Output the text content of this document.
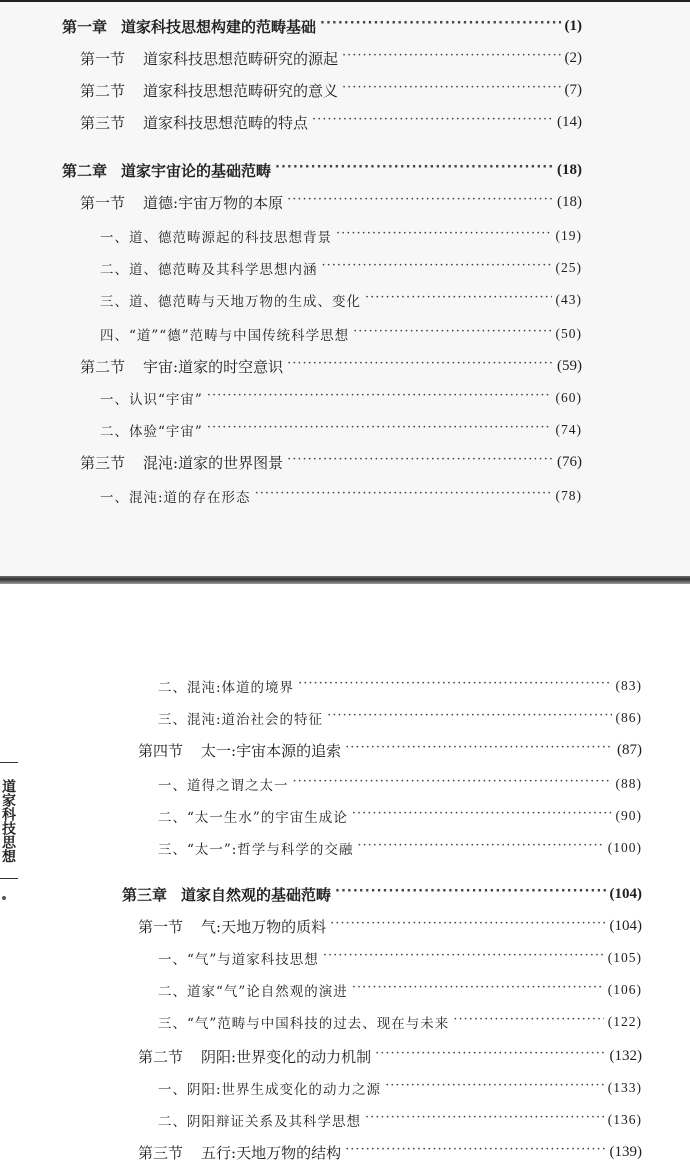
道家科技思想
第一章 道家科技思想构建的范畴基础 ·····	(1)
第一节 道家科技思想范畴研究的源起 ·····	(2)
第二节 道家科技思想范畴研究的意义 ·····	(7)
第三节 道家科技思想范畴的特点 ·····	(14)
第二章 道家宇宙论的基础范畴 ·····	(18)
第一节 道德:宇宙万物的本原 ·····	(18)
一、道、德范畴源起的科技思想背景 ·····	(19)
二、道、德范畴及其科学思想内涵 ·····	(25)
三、道、德范畴与天地万物的生成、变化 ·····	(43)
四、“道”“德”范畴与中国传统科学思想 ·····	(50)
第二节 宇宙:道家的时空意识 ·····	(59)
一、认识“宇宙” ·····	(60)
二、体验“宇宙” ·····	(74)
第三节 混沌:道家的世界图景 ·····	(76)
一、混沌:道的存在形态 ·····	(78)
二、混沌:体道的境界 ·····	(83)
三、混沌:道治社会的特征 ·····	(86)
第四节 太一:宇宙本源的追索 ·····	(87)
一、道得之谓之太一 ·····	(88)
二、“太一生水”的宇宙生成论 ·····	(90)
三、“太一”:哲学与科学的交融 ·····	(100)
第三章 道家自然观的基础范畴 ·····	(104)
第一节 气:天地万物的质料 ·····	(104)
一、“气”与道家科技思想 ·····	(105)
二、道家“气”论自然观的演进 ·····	(106)
三、“气”范畴与中国科技的过去、现在与未来 ·····	(122)
第二节 阴阳:世界变化的动力机制 ·····	(132)
一、阴阳:世界生成变化的动力之源 ·····	(133)
二、阴阳辩证关系及其科学思想 ·····	(136)
第三节 五行:天地万物的结构 ·····	(139)
